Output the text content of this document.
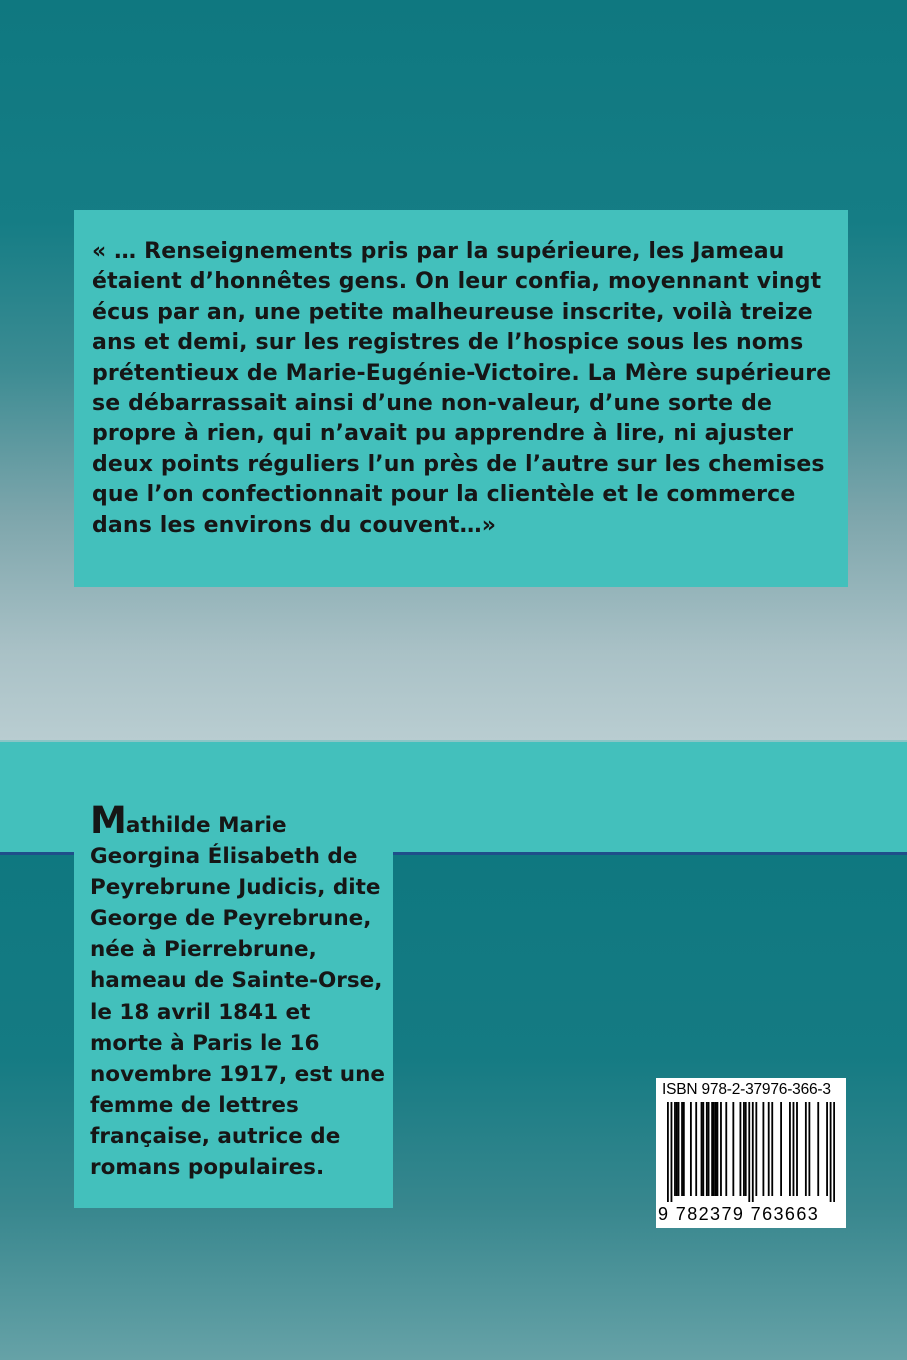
« … Renseignements pris par la supérieure, les Jameau étaient d’honnêtes gens. On leur confia, moyennant vingt écus par an, une petite malheureuse inscrite, voilà treize ans et demi, sur les registres de l’hospice sous les noms prétentieux de Marie-Eugénie-Victoire. La Mère supérieure se débarrassait ainsi d’une non-valeur, d’une sorte de propre à rien, qui n’avait pu apprendre à lire, ni ajuster deux points réguliers l’un près de l’autre sur les chemises que l’on confectionnait pour la clientèle et le commerce dans les environs du couvent…»

Mathilde Marie Georgina Élisabeth de Peyrebrune Judicis, dite George de Peyrebrune, née à Pierrebrune, hameau de Sainte-Orse, le 18 avril 1841 et morte à Paris le 16 novembre 1917, est une femme de lettres française, autrice de romans populaires.

ISBN 978-2-37976-366-3
9 782379 763663
